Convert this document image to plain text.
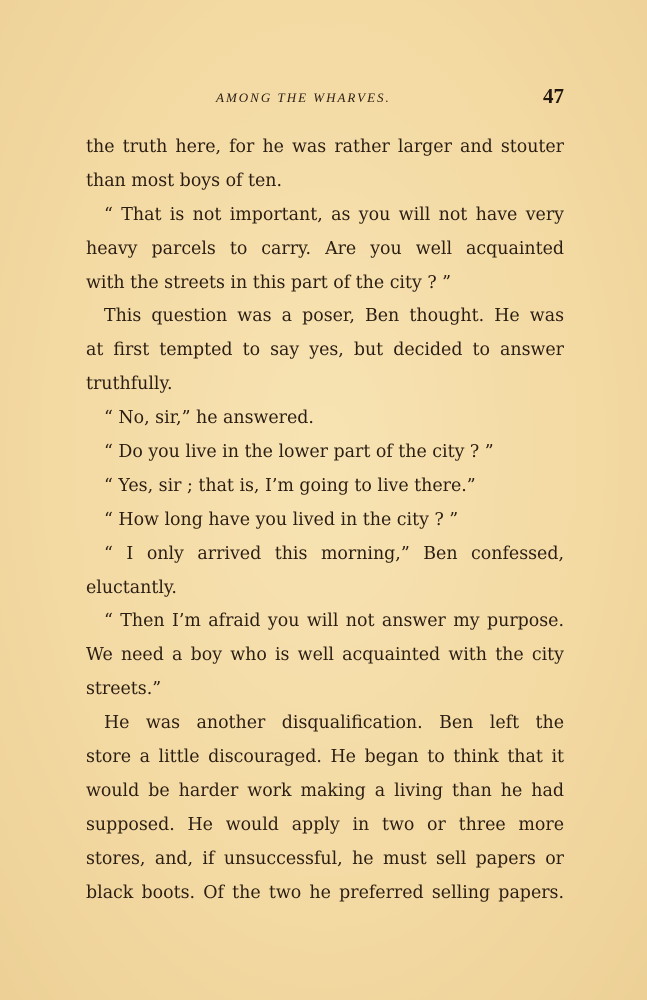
AMONG THE WHARVES.	47
the truth here, for he was rather larger and stouter
than most boys of ten.
“ That is not important, as you will not have very
heavy parcels to carry. Are you well acquainted
with the streets in this part of the city ? ”
This question was a poser, Ben thought. He was
at first tempted to say yes, but decided to answer
truthfully.
“ No, sir,” he answered.
“ Do you live in the lower part of the city ? ”
“ Yes, sir ; that is, I’m going to live there.”
“ How long have you lived in the city ? ”
“ I only arrived this morning,” Ben confessed,
eluctantly.
“ Then I’m afraid you will not answer my purpose.
We need a boy who is well acquainted with the city
streets.”
He was another disqualification. Ben left the
store a little discouraged. He began to think that it
would be harder work making a living than he had
supposed. He would apply in two or three more
stores, and, if unsuccessful, he must sell papers or
black boots. Of the two he preferred selling papers.
